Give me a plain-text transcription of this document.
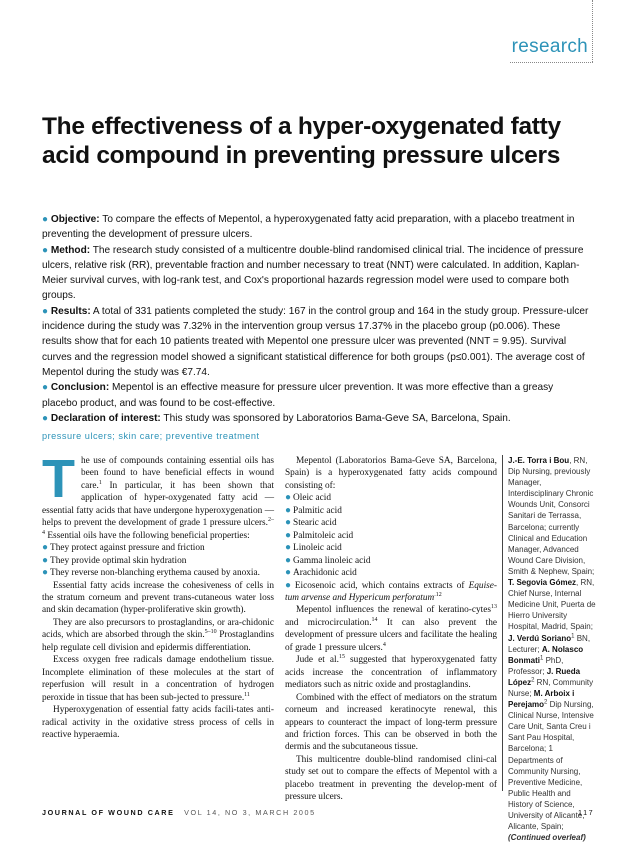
research
The effectiveness of a hyper-oxygenated fatty acid compound in preventing pressure ulcers

● Objective: To compare the effects of Mepentol, a hyperoxygenated fatty acid preparation, with a placebo treatment in preventing the development of pressure ulcers.

● Method: The research study consisted of a multicentre double-blind randomised clinical trial. The incidence of pressure ulcers, relative risk (RR), preventable fraction and number necessary to treat (NNT) were calculated. In addition, Kaplan-Meier survival curves, with log-rank test, and Cox's proportional hazards regression model were used to compare both groups.

● Results: A total of 331 patients completed the study: 167 in the control group and 164 in the study group. Pressure-ulcer incidence during the study was 7.32% in the intervention group versus 17.37% in the placebo group (p0.006). These results show that for each 10 patients treated with Mepentol one pressure ulcer was prevented (NNT = 9.95). Survival curves and the regression model showed a significant statistical difference for both groups (p≤0.001). The average cost of Mepentol during the study was €7.74.

● Conclusion: Mepentol is an effective measure for pressure ulcer prevention. It was more effective than a greasy placebo product, and was found to be cost-effective.

● Declaration of interest: This study was sponsored by Laboratorios Bama-Geve SA, Barcelona, Spain.

pressure ulcers; skin care; preventive treatment

The use of compounds containing essential oils has been found to have beneficial effects in wound care.$^1$ In particular, it has been shown that application of hyper-oxygenated fatty acid — essential fatty acids that have undergone hyperoxygenation — helps to prevent the development of grade 1 pressure ulcers.$^{2-4}$ Essential oils have the following beneficial properties:

● They protect against pressure and friction
● They provide optimal skin hydration
● They reverse non-blanching erythema caused by anoxia.

Essential fatty acids increase the cohesiveness of cells in the stratum corneum and prevent trans-cutaneous water loss and skin decamation (hyper-proliferative skin growth).

They are also precursors to prostaglandins, or ara-chidonic acids, which are absorbed through the skin.$^{5-10}$ Prostaglandins help regulate cell division and epidermis differentiation.

Excess oxygen free radicals damage endothelium tissue. Incomplete elimination of these molecules at the start of reperfusion will result in a concentration of hydrogen peroxide in tissue that has been sub-jected to pressure.$^{11}$

Hyperoxygenation of essential fatty acids facili-tates anti-radical activity in the oxidative stress process of cells in reactive hyperaemia.

Mepentol (Laboratorios Bama-Geve SA, Barcelona, Spain) is a hyperoxygenated fatty acids compound consisting of:

● Oleic acid
● Palmitic acid
● Stearic acid
● Palmitoleic acid
● Linoleic acid
● Gamma linoleic acid
● Arachidonic acid
● Eicosenoic acid, which contains extracts of Equise-tum arvense and Hypericum perforatum$^{.12}$

Mepentol influences the renewal of keratino-cytes$^{13}$ and microcirculation.$^{14}$ It can also prevent the development of pressure ulcers and facilitate the healing of grade 1 pressure ulcers.$^4$

Jude et al.$^{15}$ suggested that hyperoxygenated fatty acids increase the concentration of inflammatory mediators such as nitric oxide and prostaglandins.

Combined with the effect of mediators on the stratum corneum and increased keratinocyte renewal, this appears to counteract the impact of long-term pressure and friction forces. This can be observed in both the dermis and the subcutaneous tissue.

This multicentre double-blind randomised clini-cal study set out to compare the effects of Mepentol with a placebo treatment in preventing the develop-ment of pressure ulcers.

J.-E. Torra i Bou, RN, Dip Nursing, previously Manager, Interdisciplinary Chronic Wounds Unit, Consorci Sanitari de Terrassa, Barcelona; currently Clinical and Education Manager, Advanced Wound Care Division, Smith & Nephew, Spain; T. Segovia Gómez, RN, Chief Nurse, Internal Medicine Unit, Puerta de Hierro University Hospital, Madrid, Spain; J. Verdú Soriano$^1$ BN, Lecturer; A. Nolasco Bonmati$^1$ PhD, Professor; J. Rueda López$^2$ RN, Community Nurse; M. Arboix i Perejamo$^2$ Dip Nursing, Clinical Nurse, Intensive Care Unit, Santa Creu i Sant Pau Hospital, Barcelona; 1 Departments of Community Nursing, Preventive Medicine, Public Health and History of Science, University of Alicante, Alicante, Spain; (Continued overleaf)
JOURNAL OF WOUND CARE VOL 14, NO 3, MARCH 2005	117
